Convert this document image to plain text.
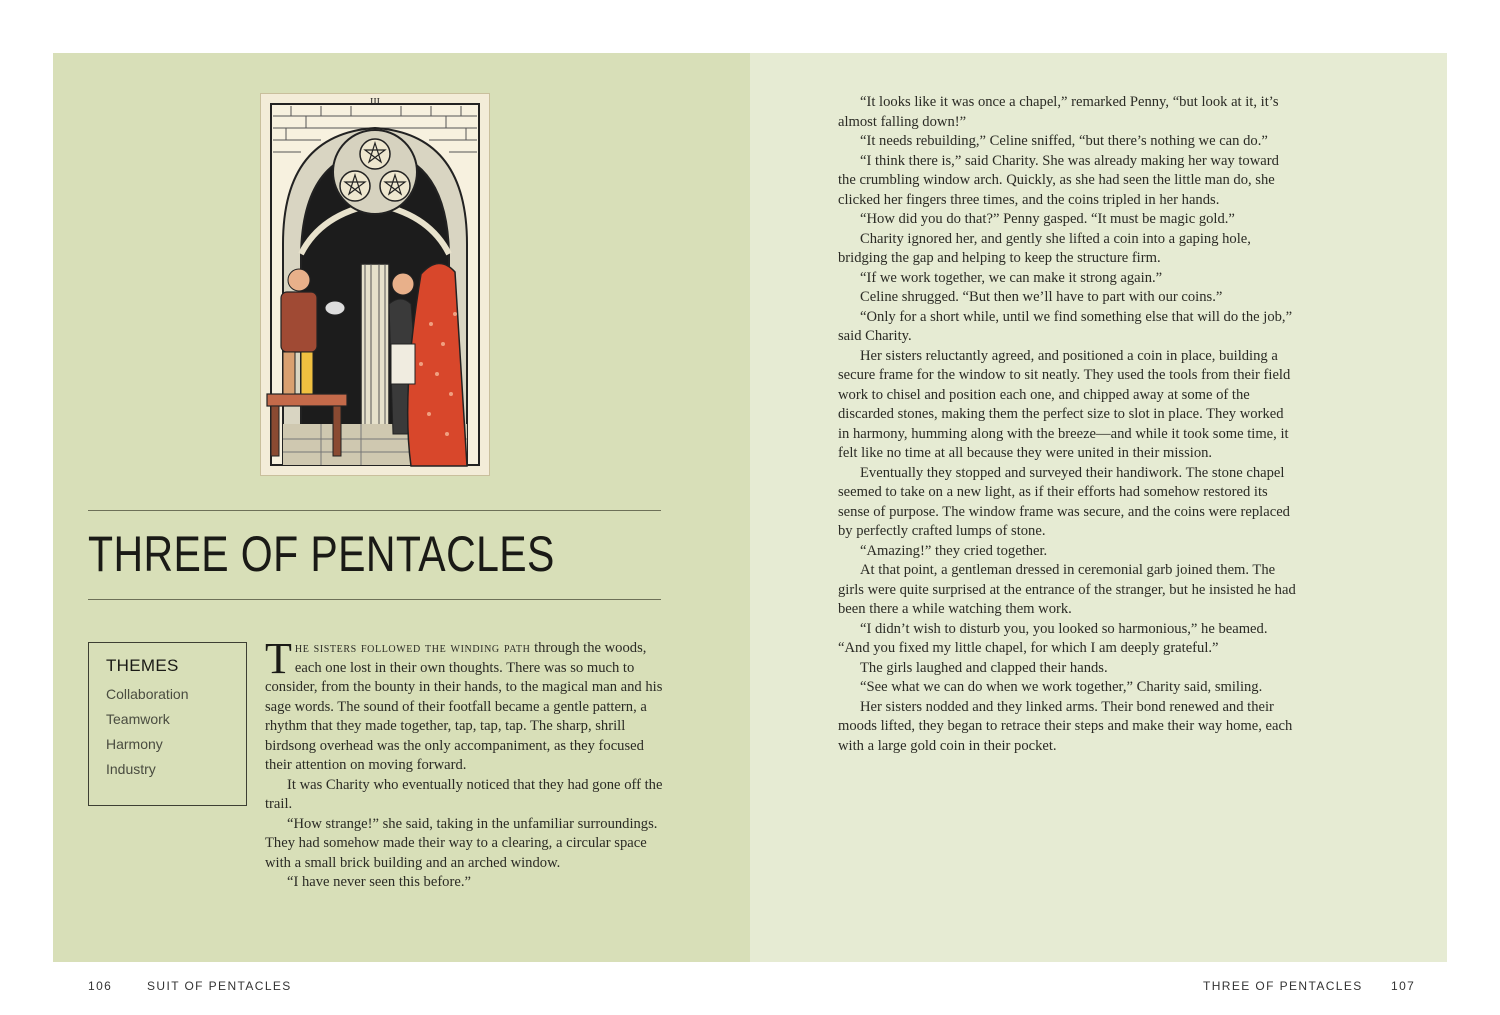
III
THREE OF PENTACLES
THEMES
Collaboration
Teamwork
Harmony
Industry

The sisters followed the winding path through the woods, each one lost in their own thoughts. There was so much to consider, from the bounty in their hands, to the magical man and his sage words. The sound of their footfall became a gentle pattern, a rhythm that they made together, tap, tap, tap. The sharp, shrill birdsong overhead was the only accompaniment, as they focused their attention on moving forward.

It was Charity who eventually noticed that they had gone off the trail.

“How strange!” she said, taking in the unfamiliar surroundings. They had somehow made their way to a clearing, a circular space with a small brick building and an arched window.

“I have never seen this before.”

“It looks like it was once a chapel,” remarked Penny, “but look at it, it’s almost falling down!”

“It needs rebuilding,” Celine sniffed, “but there’s nothing we can do.”

“I think there is,” said Charity. She was already making her way toward the crumbling window arch. Quickly, as she had seen the little man do, she clicked her fingers three times, and the coins tripled in her hands.

“How did you do that?” Penny gasped. “It must be magic gold.”

Charity ignored her, and gently she lifted a coin into a gaping hole, bridging the gap and helping to keep the structure firm.

“If we work together, we can make it strong again.”

Celine shrugged. “But then we’ll have to part with our coins.”

“Only for a short while, until we find something else that will do the job,” said Charity.

Her sisters reluctantly agreed, and positioned a coin in place, building a secure frame for the window to sit neatly. They used the tools from their field work to chisel and position each one, and chipped away at some of the discarded stones, making them the perfect size to slot in place. They worked in harmony, humming along with the breeze—and while it took some time, it felt like no time at all because they were united in their mission.

Eventually they stopped and surveyed their handiwork. The stone chapel seemed to take on a new light, as if their efforts had somehow restored its sense of purpose. The window frame was secure, and the coins were replaced by perfectly crafted lumps of stone.

“Amazing!” they cried together.

At that point, a gentleman dressed in ceremonial garb joined them. The girls were quite surprised at the entrance of the stranger, but he insisted he had been there a while watching them work.

“I didn’t wish to disturb you, you looked so harmonious,” he beamed. “And you fixed my little chapel, for which I am deeply grateful.”

The girls laughed and clapped their hands.

“See what we can do when we work together,” Charity said, smiling.

Her sisters nodded and they linked arms. Their bond renewed and their moods lifted, they began to retrace their steps and make their way home, each with a large gold coin in their pocket.

106	SUIT OF PENTACLES	THREE OF PENTACLES 107
